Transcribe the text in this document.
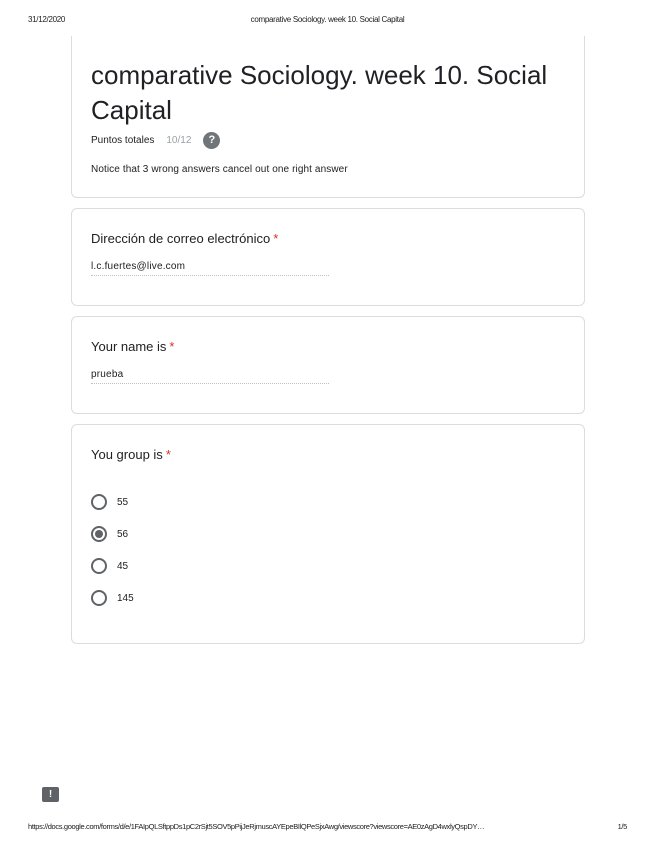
31/12/2020	comparative Sociology. week 10. Social Capital
comparative Sociology. week 10. Social Capital
Puntos totales 10/12	?
Notice that 3 wrong answers cancel out one right answer
Dirección de correo electrónico *
l.c.fuertes@live.com
Your name is *
prueba
You group is *
55
56
45
145
!
https://docs.google.com/forms/d/e/1FAIpQLSftppDs1pC2rSjt5SOV5pPijJeRjmuscAYEpeBIlQPeSjxAwg/viewscore?viewscore=AE0zAgD4wxlyQspDY…	1/5
